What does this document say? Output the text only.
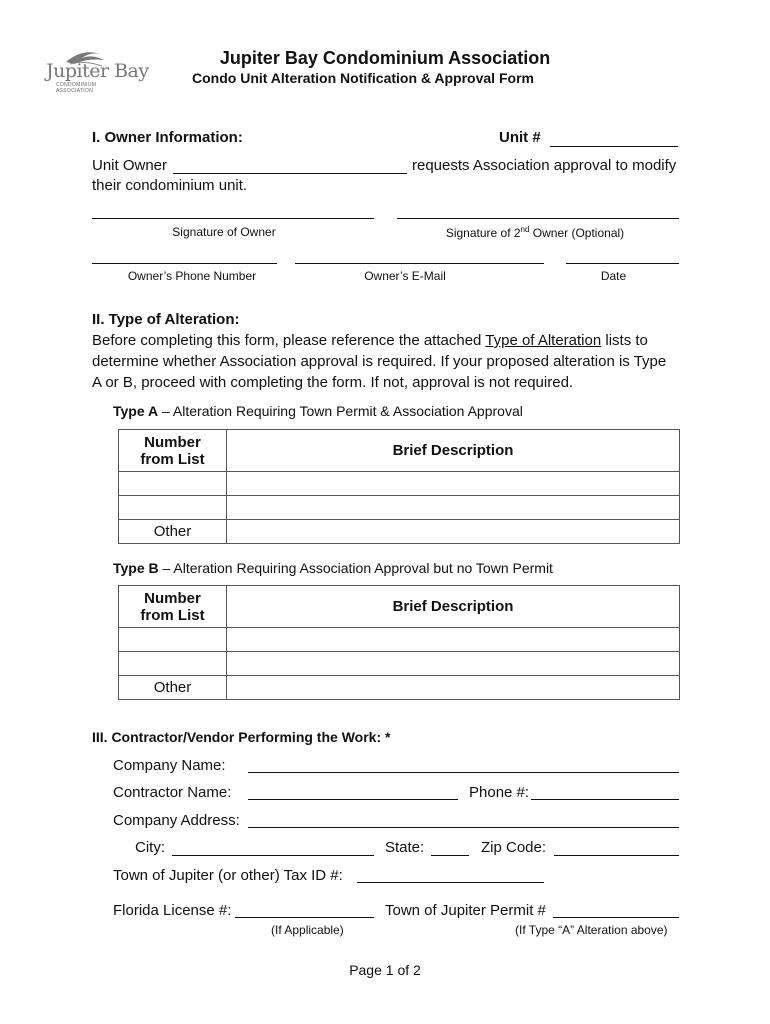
Jupiter Bay
CONDOMINIUM
ASSOCIATION
Jupiter Bay Condominium Association
Condo Unit Alteration Notification & Approval Form
I. Owner Information:	Unit #
Unit Owner	requests Association approval to modify
their condominium unit.
Signature of Owner	Signature of 2nd Owner (Optional)
Owner’s Phone Number	Owner’s E-Mail	Date
II. Type of Alteration:
Before completing this form, please reference the attached Type of Alteration lists to
determine whether Association approval is required. If your proposed alteration is Type
A or B, proceed with completing the form. If not, approval is not required.
Type A – Alteration Requiring Town Permit & Association Approval
Number
from List	Brief Description

Other	
Type B – Alteration Requiring Association Approval but no Town Permit
Number
from List	Brief Description

Other	
III. Contractor/Vendor Performing the Work: *
Company Name:
Contractor Name:	Phone #:
Company Address:
City:	State:	Zip Code:
Town of Jupiter (or other) Tax ID #:
Florida License #:	Town of Jupiter Permit #
(If Applicable)	(If Type “A” Alteration above)
Page 1 of 2
